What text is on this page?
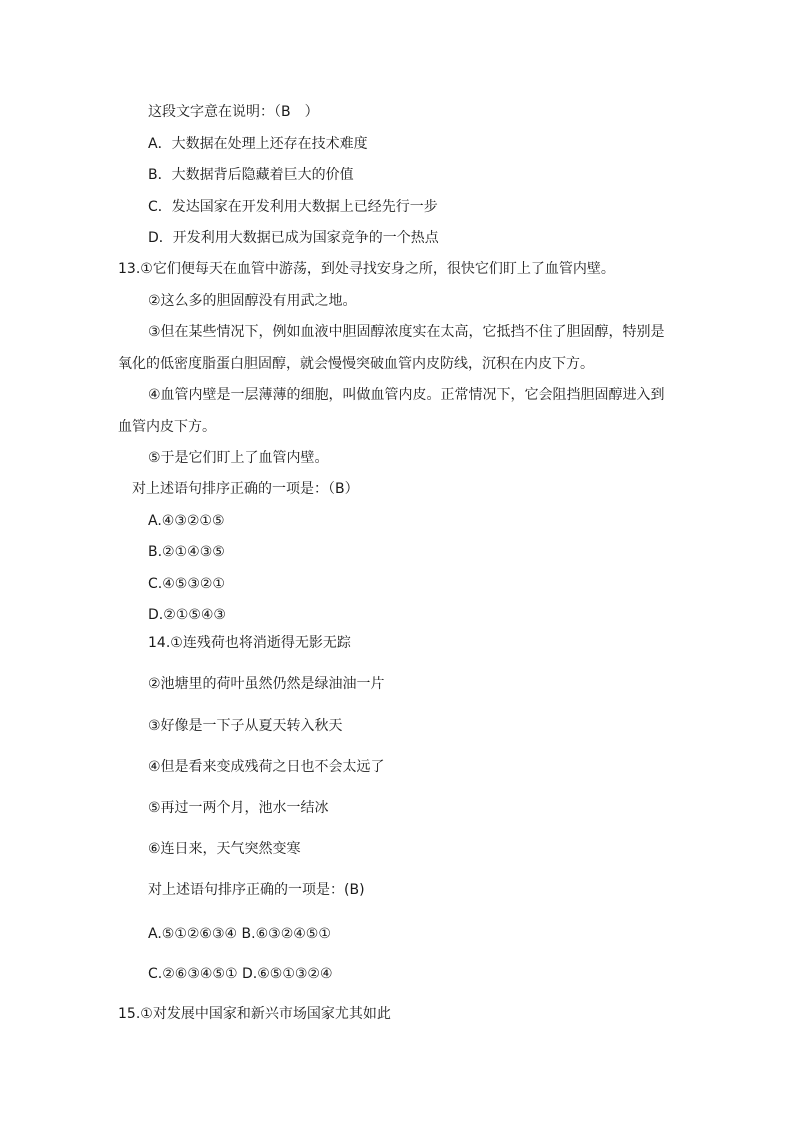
这段文字意在说明：（B　）
A．大数据在处理上还存在技术难度
B．大数据背后隐藏着巨大的价值
C．发达国家在开发利用大数据上已经先行一步
D．开发利用大数据已成为国家竞争的一个热点
13.①它们便每天在血管中游荡，到处寻找安身之所，很快它们盯上了血管内壁。
②这么多的胆固醇没有用武之地。
③但在某些情况下，例如血液中胆固醇浓度实在太高，它抵挡不住了胆固醇，特别是
氧化的低密度脂蛋白胆固醇，就会慢慢突破血管内皮防线，沉积在内皮下方。
④血管内壁是一层薄薄的细胞，叫做血管内皮。正常情况下，它会阻挡胆固醇进入到
血管内皮下方。
⑤于是它们盯上了血管内壁。
对上述语句排序正确的一项是：（B）
A.④③②①⑤
B.②①④③⑤
C.④⑤③②①
D.②①⑤④③
14.①连残荷也将消逝得无影无踪
②池塘里的荷叶虽然仍然是绿油油一片
③好像是一下子从夏天转入秋天
④但是看来变成残荷之日也不会太远了
⑤再过一两个月，池水一结冰
⑥连日来，天气突然变寒
对上述语句排序正确的一项是：(B)
A.⑤①②⑥③④ B.⑥③②④⑤①
C.②⑥③④⑤① D.⑥⑤①③②④
15.①对发展中国家和新兴市场国家尤其如此
